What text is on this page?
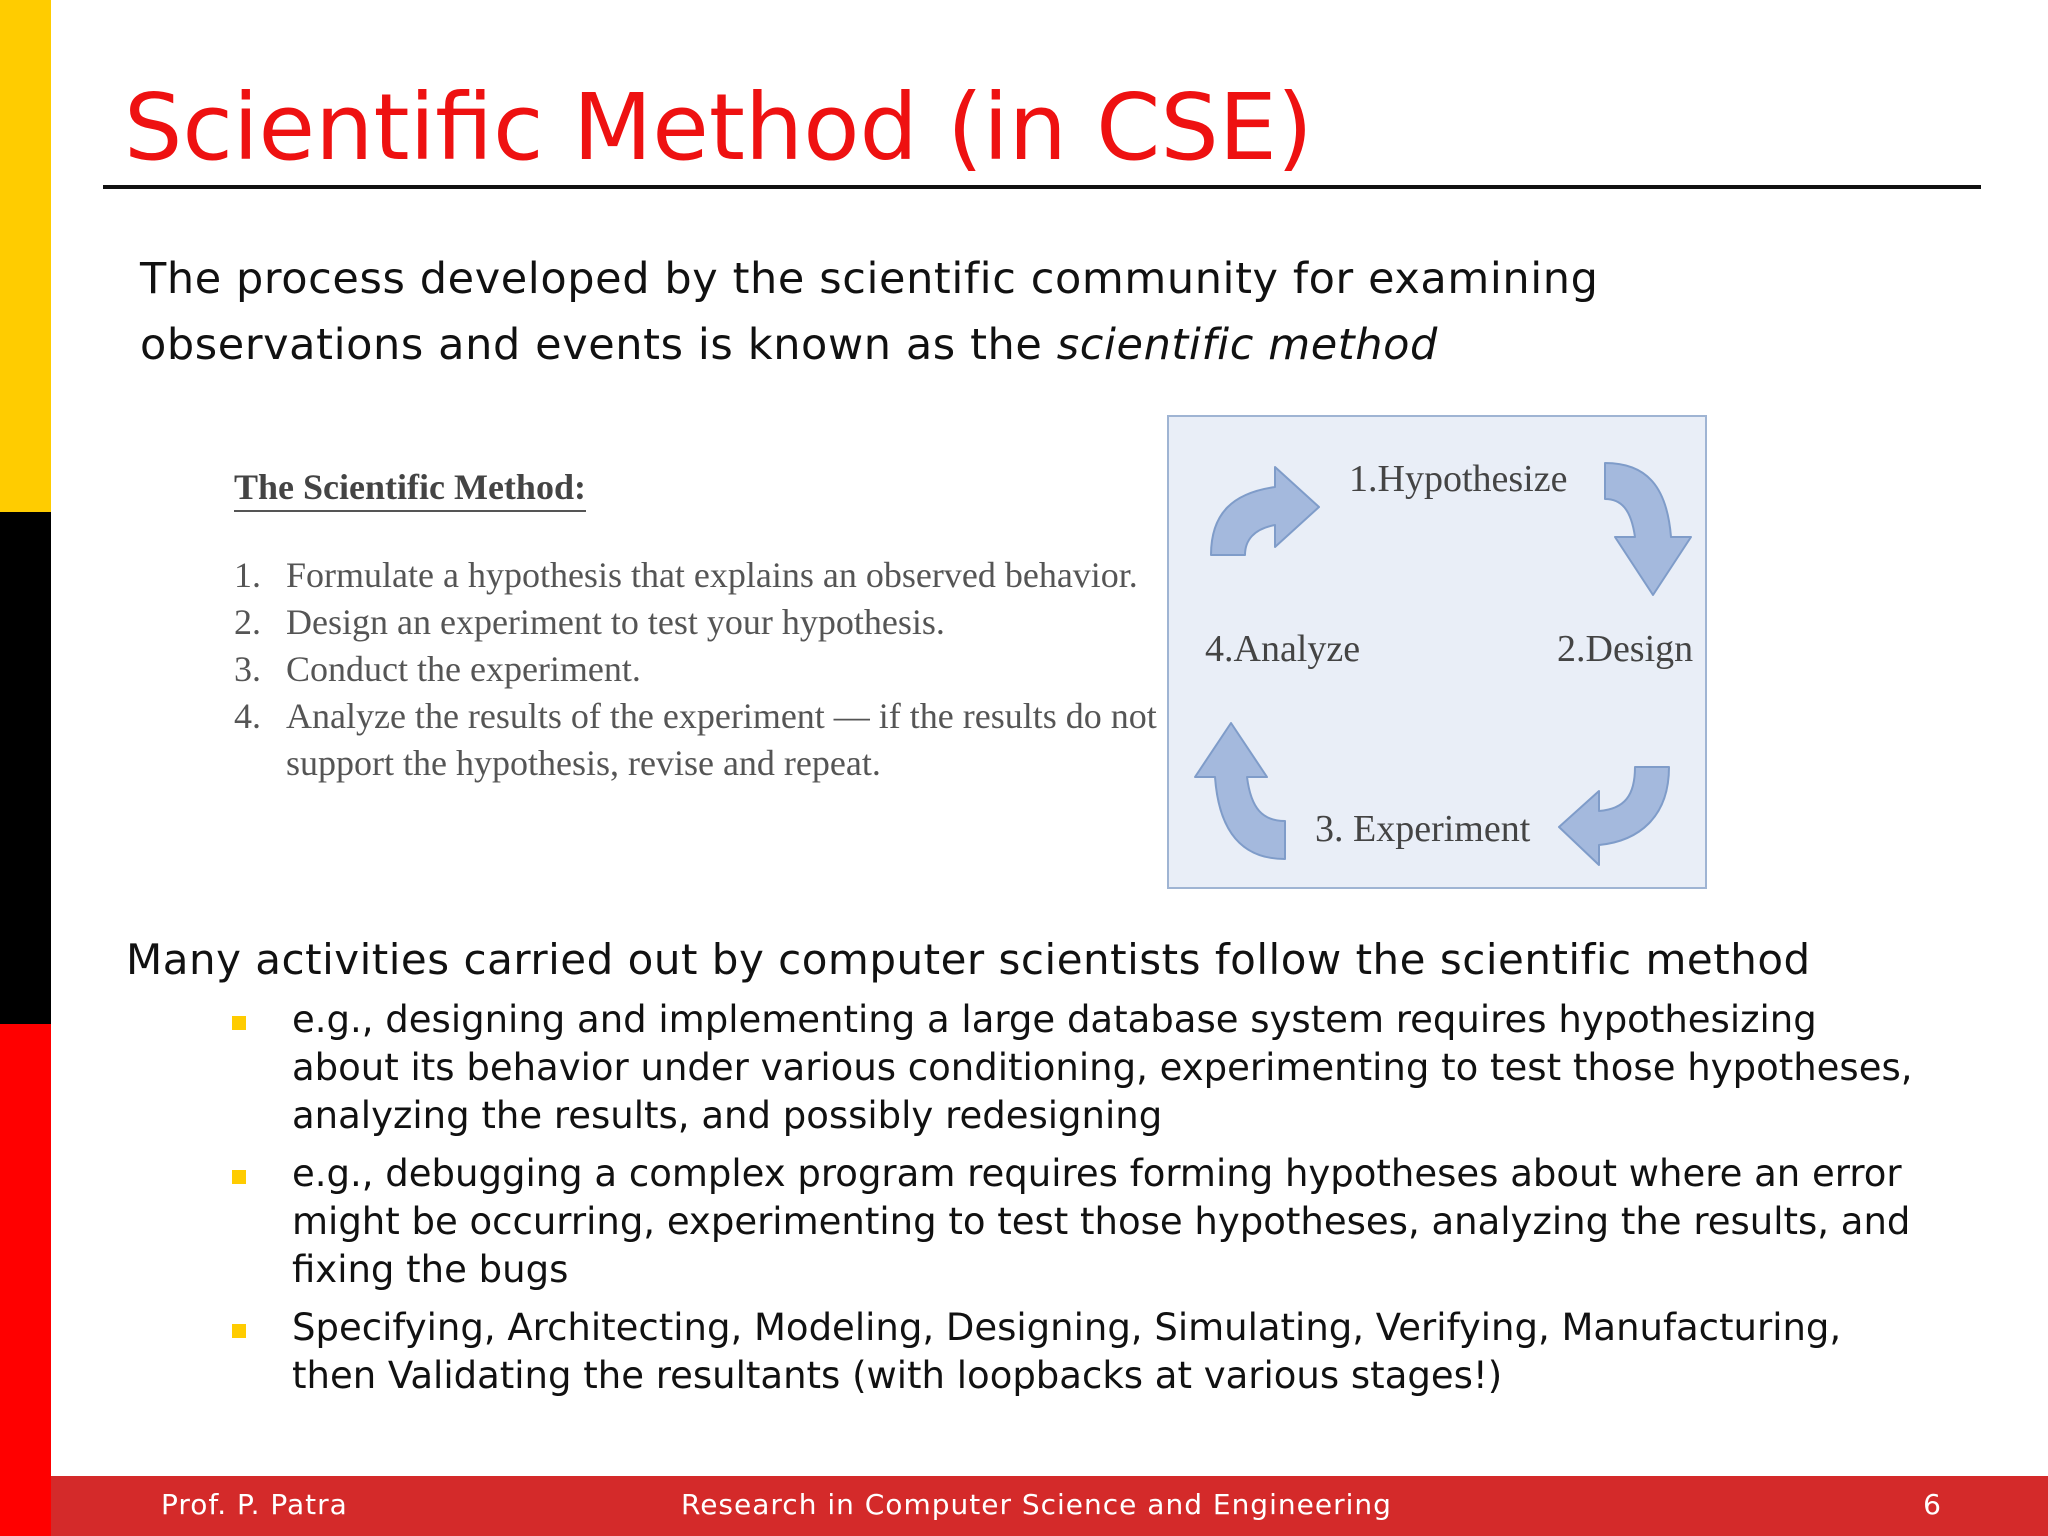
Scientific Method (in CSE)
The process developed by the scientific community for examining observations and events is known as the scientific method
The Scientific Method:
1. Formulate a hypothesis that explains an observed behavior.
2. Design an experiment to test your hypothesis.
3. Conduct the experiment.
4. Analyze the results of the experiment — if the results do not support the hypothesis, revise and repeat.
1.Hypothesize
2.Design
3. Experiment
4.Analyze

Many activities carried out by computer scientists follow the scientific method

e.g., designing and implementing a large database system requires hypothesizing about its behavior under various conditioning, experimenting to test those hypotheses, analyzing the results, and possibly redesigning
e.g., debugging a complex program requires forming hypotheses about where an error might be occurring, experimenting to test those hypotheses, analyzing the results, and fixing the bugs
Specifying, Architecting, Modeling, Designing, Simulating, Verifying, Manufacturing, then Validating the resultants (with loopbacks at various stages!)
Prof. P. Patra	Research in Computer Science and Engineering	6
